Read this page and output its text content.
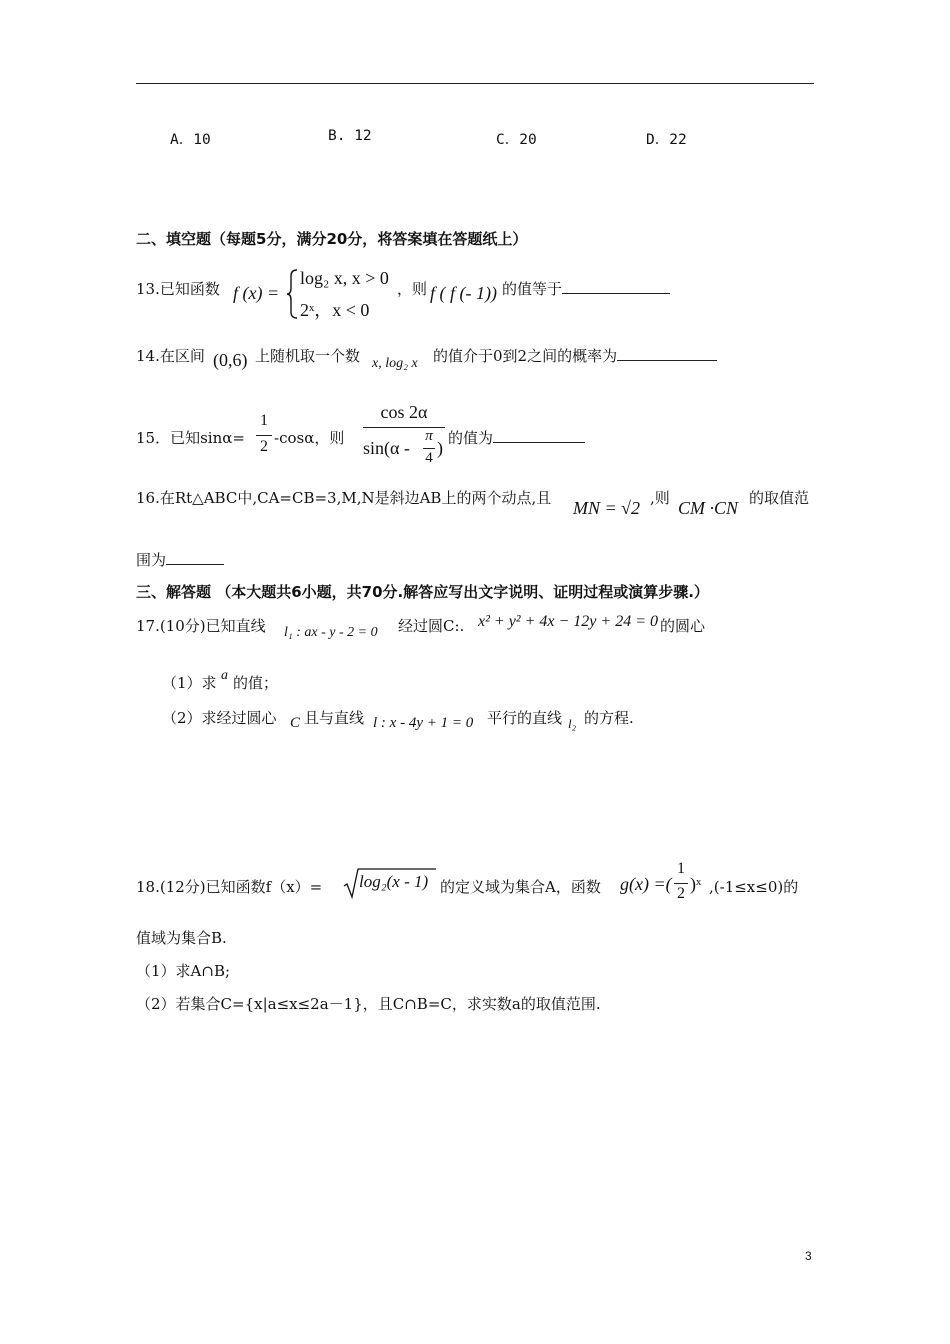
A．10	B. 12	C．20	D．22
二、填空题（每题5分，满分20分，将答案填在答题纸上）
13.已知函数 f (x) =
log₂ x, x > 0
2ˣ，x < 0
，则 f ( f (- 1)) 的值等于
14.在区间 (0,6) 上随机取一个数 x, log₂ x 的值介于0到2之间的概率为
15．已知sinα=
1
2 -cosα，则
cos 2α
sin(α -
π
4 ) 的值为
16.在Rt△ABC中,CA=CB=3,M,N是斜边AB上的两个动点,且 MN = √2 ,则 CM ·CN 的取值范
围为
三、解答题 （本大题共6小题，共70分.解答应写出文字说明、证明过程或演算步骤.）
17.(10分)已知直线 l₁ : ax - y - 2 = 0 经过圆C:. x² + y² + 4x − 12y + 24 = 0 的圆心
（1）求 a 的值；
（2）求经过圆心 C 且与直线 l : x - 4y + 1 = 0 平行的直线 l₂ 的方程.
18.(12分)已知函数f（x）= log₂(x - 1) 的定义域为集合A，函数 g(x) =(
1
2 )ˣ ,(-1≤x≤0)的
值域为集合B.
（1）求A∩B;
（2）若集合C={x|a≤x≤2a－1}，且C∩B=C，求实数a的取值范围.
3
